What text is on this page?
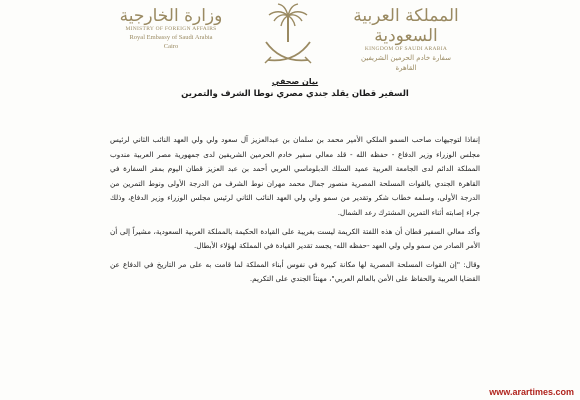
وزارة الخارجية
MINISTRY OF FOREIGN AFFAIRS
Royal Embassy of Saudi Arabia
Cairo
المملكة العربية السعودية
KINGDOM OF SAUDI ARABIA
سفارة خادم الحرمين الشريفين
القاهرة
بيان صحفي
السفير قطان يقلد جندي مصري نوطا الشرف والتمرين

إنفاذا لتوجيهات صاحب السمو الملكي الأمير محمد بن سلمان بن عبدالعزيز آل سعود ولي ولي العهد النائب الثاني لرئيس مجلس الوزراء وزير الدفاع - حفظه الله - قلد معالي سفير خادم الحرمين الشريفين لدى جمهورية مصر العربية مندوب المملكة الدائم لدى الجامعة العربية عميد السلك الدبلوماسي العربي أحمد بن عبد العزيز قطان اليوم بمقر السفارة في القاهرة الجندي بالقوات المسلحة المصرية منصور جمال محمد مهران نوط الشرف من الدرجة الأولى ونوط التمرين من الدرجة الأولى، وسلمه خطاب شكر وتقدير من سمو ولي ولي العهد النائب الثاني لرئيس مجلس الوزراء وزير الدفاع، وذلك جراء إصابته أثناء التمرين المشترك رعد الشمال.

وأكد معالي السفير قطان أن هذه اللفتة الكريمة ليست بغريبة على القيادة الحكيمة بالمملكة العربية السعودية، مشيراً إلى أن الأمر الصادر من سمو ولي ولي العهد -حفظه الله- يجسد تقدير القيادة في المملكة لهؤلاء الأبطال.

وقال: "إن القوات المسلحة المصرية لها مكانة كبيرة في نفوس أبناء المملكة لما قامت به على مر التاريخ في الدفاع عن القضايا العربية والحفاظ على الأمن بالعالم العربي"، مهنئاً الجندي على التكريم.

www.arartimes.com
